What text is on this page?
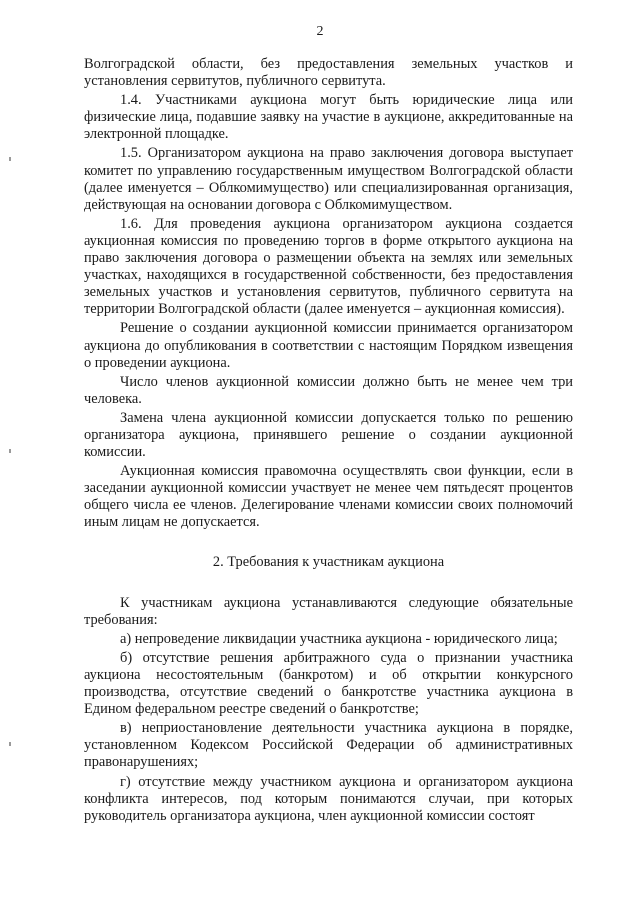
2

Волгоградской области, без предоставления земельных участков и установления сервитутов, публичного сервитута.

1.4. Участниками аукциона могут быть юридические лица или физические лица, подавшие заявку на участие в аукционе, аккредитованные на электронной площадке.

1.5. Организатором аукциона на право заключения договора выступает комитет по управлению государственным имуществом Волгоградской области (далее именуется – Облкомимущество) или специализированная организация, действующая на основании договора с Облкомимуществом.

1.6. Для проведения аукциона организатором аукциона создается аукционная комиссия по проведению торгов в форме открытого аукциона на право заключения договора о размещении объекта на землях или земельных участках, находящихся в государственной собственности, без предоставления земельных участков и установления сервитутов, публичного сервитута на территории Волгоградской области (далее именуется – аукционная комиссия).

Решение о создании аукционной комиссии принимается организатором аукциона до опубликования в соответствии с настоящим Порядком извещения о проведении аукциона.

Число членов аукционной комиссии должно быть не менее чем три человека.

Замена члена аукционной комиссии допускается только по решению организатора аукциона, принявшего решение о создании аукционной комиссии.

Аукционная комиссия правомочна осуществлять свои функции, если в заседании аукционной комиссии участвует не менее чем пятьдесят процентов общего числа ее членов. Делегирование членами комиссии своих полномочий иным лицам не допускается.

2. Требования к участникам аукциона

К участникам аукциона устанавливаются следующие обязательные требования:

а) непроведение ликвидации участника аукциона - юридического лица;

б) отсутствие решения арбитражного суда о признании участника аукциона несостоятельным (банкротом) и об открытии конкурсного производства, отсутствие сведений о банкротстве участника аукциона в Едином федеральном реестре сведений о банкротстве;

в) неприостановление деятельности участника аукциона в порядке, установленном Кодексом Российской Федерации об административных правонарушениях;

г) отсутствие между участником аукциона и организатором аукциона конфликта интересов, под которым понимаются случаи, при которых руководитель организатора аукциона, член аукционной комиссии состоят
